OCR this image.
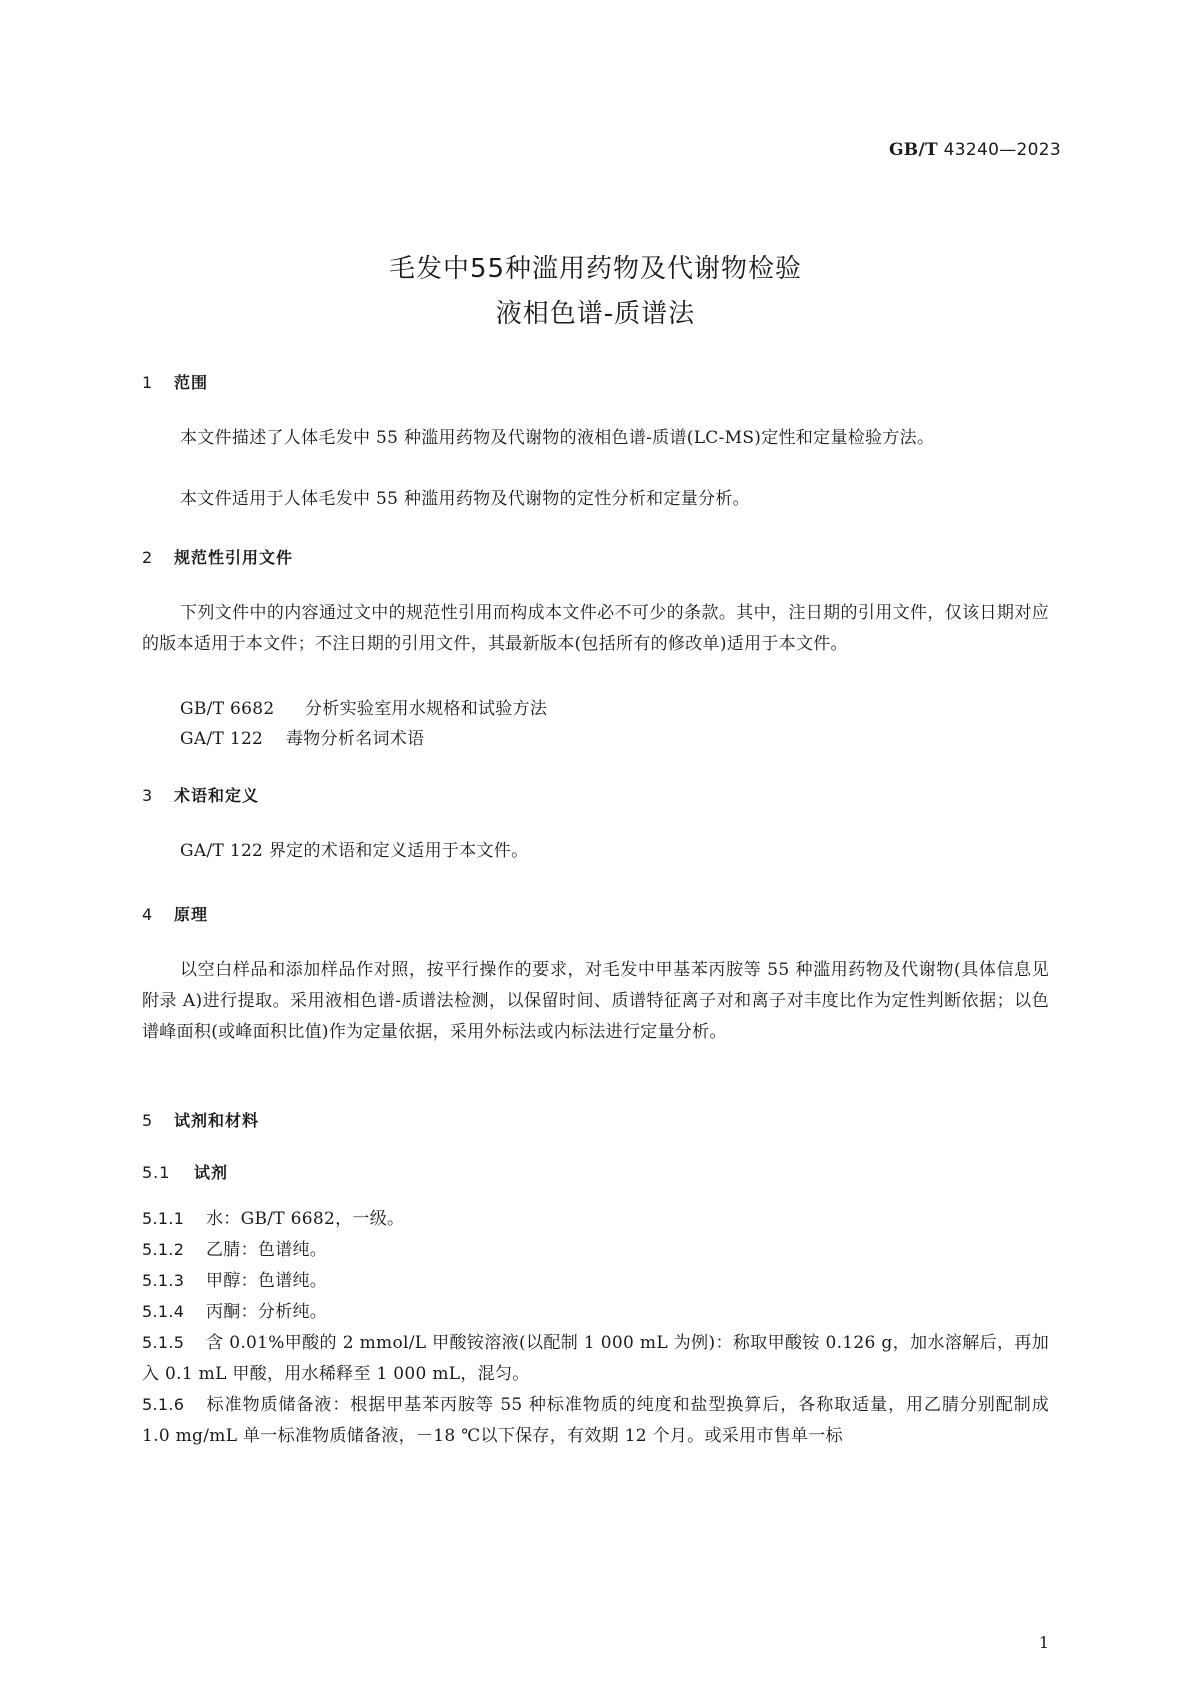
GB/T 43240—2023
毛发中55种滥用药物及代谢物检验
液相色谱-质谱法
1 范围
本文件描述了人体毛发中 55 种滥用药物及代谢物的液相色谱-质谱(LC-MS)定性和定量检验方法。
本文件适用于人体毛发中 55 种滥用药物及代谢物的定性分析和定量分析。
2 规范性引用文件
下列文件中的内容通过文中的规范性引用而构成本文件必不可少的条款。其中，注日期的引用文件，仅该日期对应的版本适用于本文件；不注日期的引用文件，其最新版本(包括所有的修改单)适用于本文件。
GB/T 6682 分析实验室用水规格和试验方法
GA/T 122 毒物分析名词术语
3 术语和定义
GA/T 122 界定的术语和定义适用于本文件。
4 原理
以空白样品和添加样品作对照，按平行操作的要求，对毛发中甲基苯丙胺等 55 种滥用药物及代谢物(具体信息见附录 A)进行提取。采用液相色谱-质谱法检测，以保留时间、质谱特征离子对和离子对丰度比作为定性判断依据；以色谱峰面积(或峰面积比值)作为定量依据，采用外标法或内标法进行定量分析。
5 试剂和材料
5.1 试剂
5.1.1 水：GB/T 6682，一级。
5.1.2 乙腈：色谱纯。
5.1.3 甲醇：色谱纯。
5.1.4 丙酮：分析纯。
5.1.5 含 0.01%甲酸的 2 mmol/L 甲酸铵溶液(以配制 1 000 mL 为例)：称取甲酸铵 0.126 g，加水溶解后，再加入 0.1 mL 甲酸，用水稀释至 1 000 mL，混匀。
5.1.6 标准物质储备液：根据甲基苯丙胺等 55 种标准物质的纯度和盐型换算后，各称取适量，用乙腈分别配制成 1.0 mg/mL 单一标准物质储备液，－18 ℃以下保存，有效期 12 个月。或采用市售单一标
1
